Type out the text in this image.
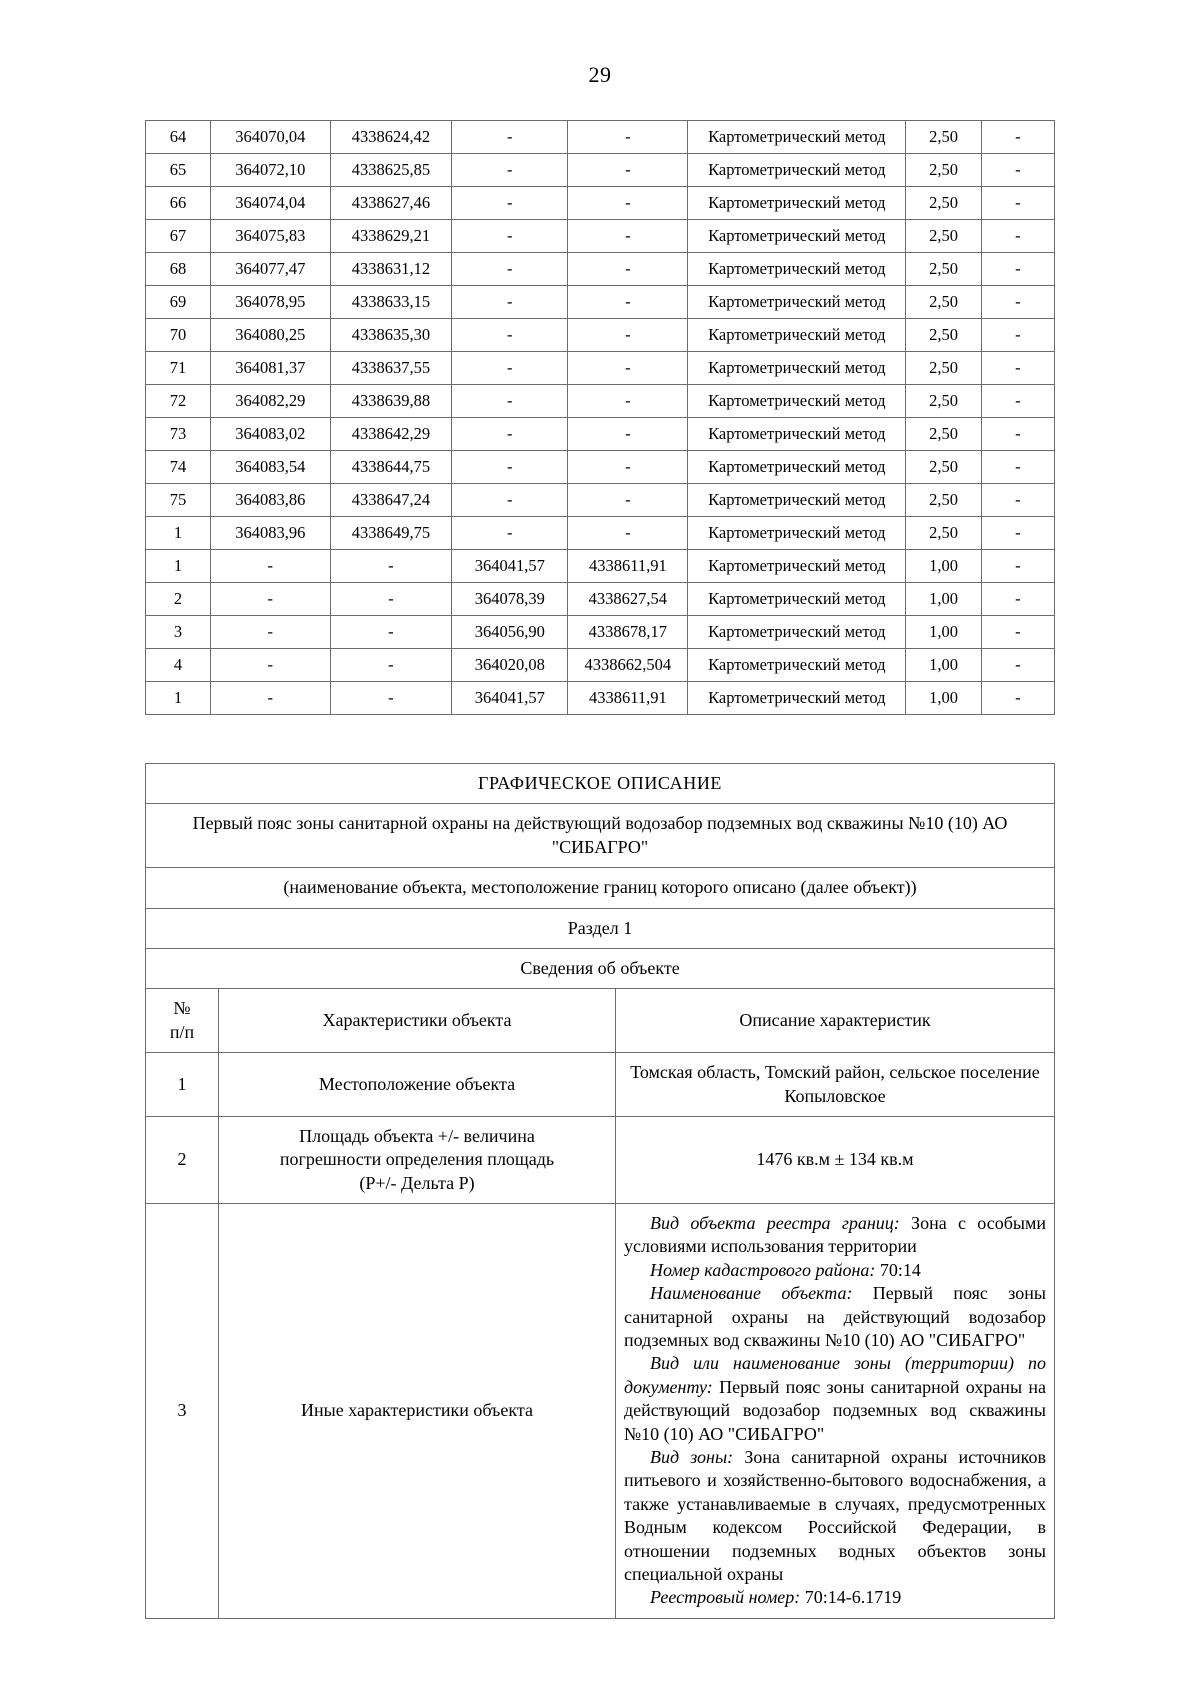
29
64	364070,04	4338624,42	-	-	Картометрический метод	2,50	-
65	364072,10	4338625,85	-	-	Картометрический метод	2,50	-
66	364074,04	4338627,46	-	-	Картометрический метод	2,50	-
67	364075,83	4338629,21	-	-	Картометрический метод	2,50	-
68	364077,47	4338631,12	-	-	Картометрический метод	2,50	-
69	364078,95	4338633,15	-	-	Картометрический метод	2,50	-
70	364080,25	4338635,30	-	-	Картометрический метод	2,50	-
71	364081,37	4338637,55	-	-	Картометрический метод	2,50	-
72	364082,29	4338639,88	-	-	Картометрический метод	2,50	-
73	364083,02	4338642,29	-	-	Картометрический метод	2,50	-
74	364083,54	4338644,75	-	-	Картометрический метод	2,50	-
75	364083,86	4338647,24	-	-	Картометрический метод	2,50	-
1	364083,96	4338649,75	-	-	Картометрический метод	2,50	-
1	-	-	364041,57	4338611,91	Картометрический метод	1,00	-
2	-	-	364078,39	4338627,54	Картометрический метод	1,00	-
3	-	-	364056,90	4338678,17	Картометрический метод	1,00	-
4	-	-	364020,08	4338662,504	Картометрический метод	1,00	-
1	-	-	364041,57	4338611,91	Картометрический метод	1,00	-
ГРАФИЧЕСКОЕ ОПИСАНИЕ		
Первый пояс зоны санитарной охраны на действующий водозабор подземных вод скважины №10 (10) АО "СИБАГРО"		
(наименование объекта, местоположение границ которого описано (далее объект))		
Раздел 1		
Сведения об объекте		

№
п/п	Характеристики объекта	Описание характеристик
1	Местоположение объекта	Томская область, Томский район, сельское поселение Копыловское
2	Площадь объекта +/- величина
погрешности определения площадь
(Р+/- Дельта Р)	1476 кв.м ± 134 кв.м
3	Иные характеристики объекта	
Вид объекта реестра границ: Зона с особыми условиями использования территории
Номер кадастрового района: 70:14
Наименование объекта: Первый пояс зоны санитарной охраны на действующий водозабор подземных вод скважины №10 (10) АО "СИБАГРО"
Вид или наименование зоны (территории) по документу: Первый пояс зоны санитарной охраны на действующий водозабор подземных вод скважины №10 (10) АО "СИБАГРО"
Вид зоны: Зона санитарной охраны источников питьевого и хозяйственно-бытового водоснабжения, а также устанавливаемые в случаях, предусмотренных Водным кодексом Российской Федерации, в отношении подземных водных объектов зоны специальной охраны
Реестровый номер: 70:14-6.1719
